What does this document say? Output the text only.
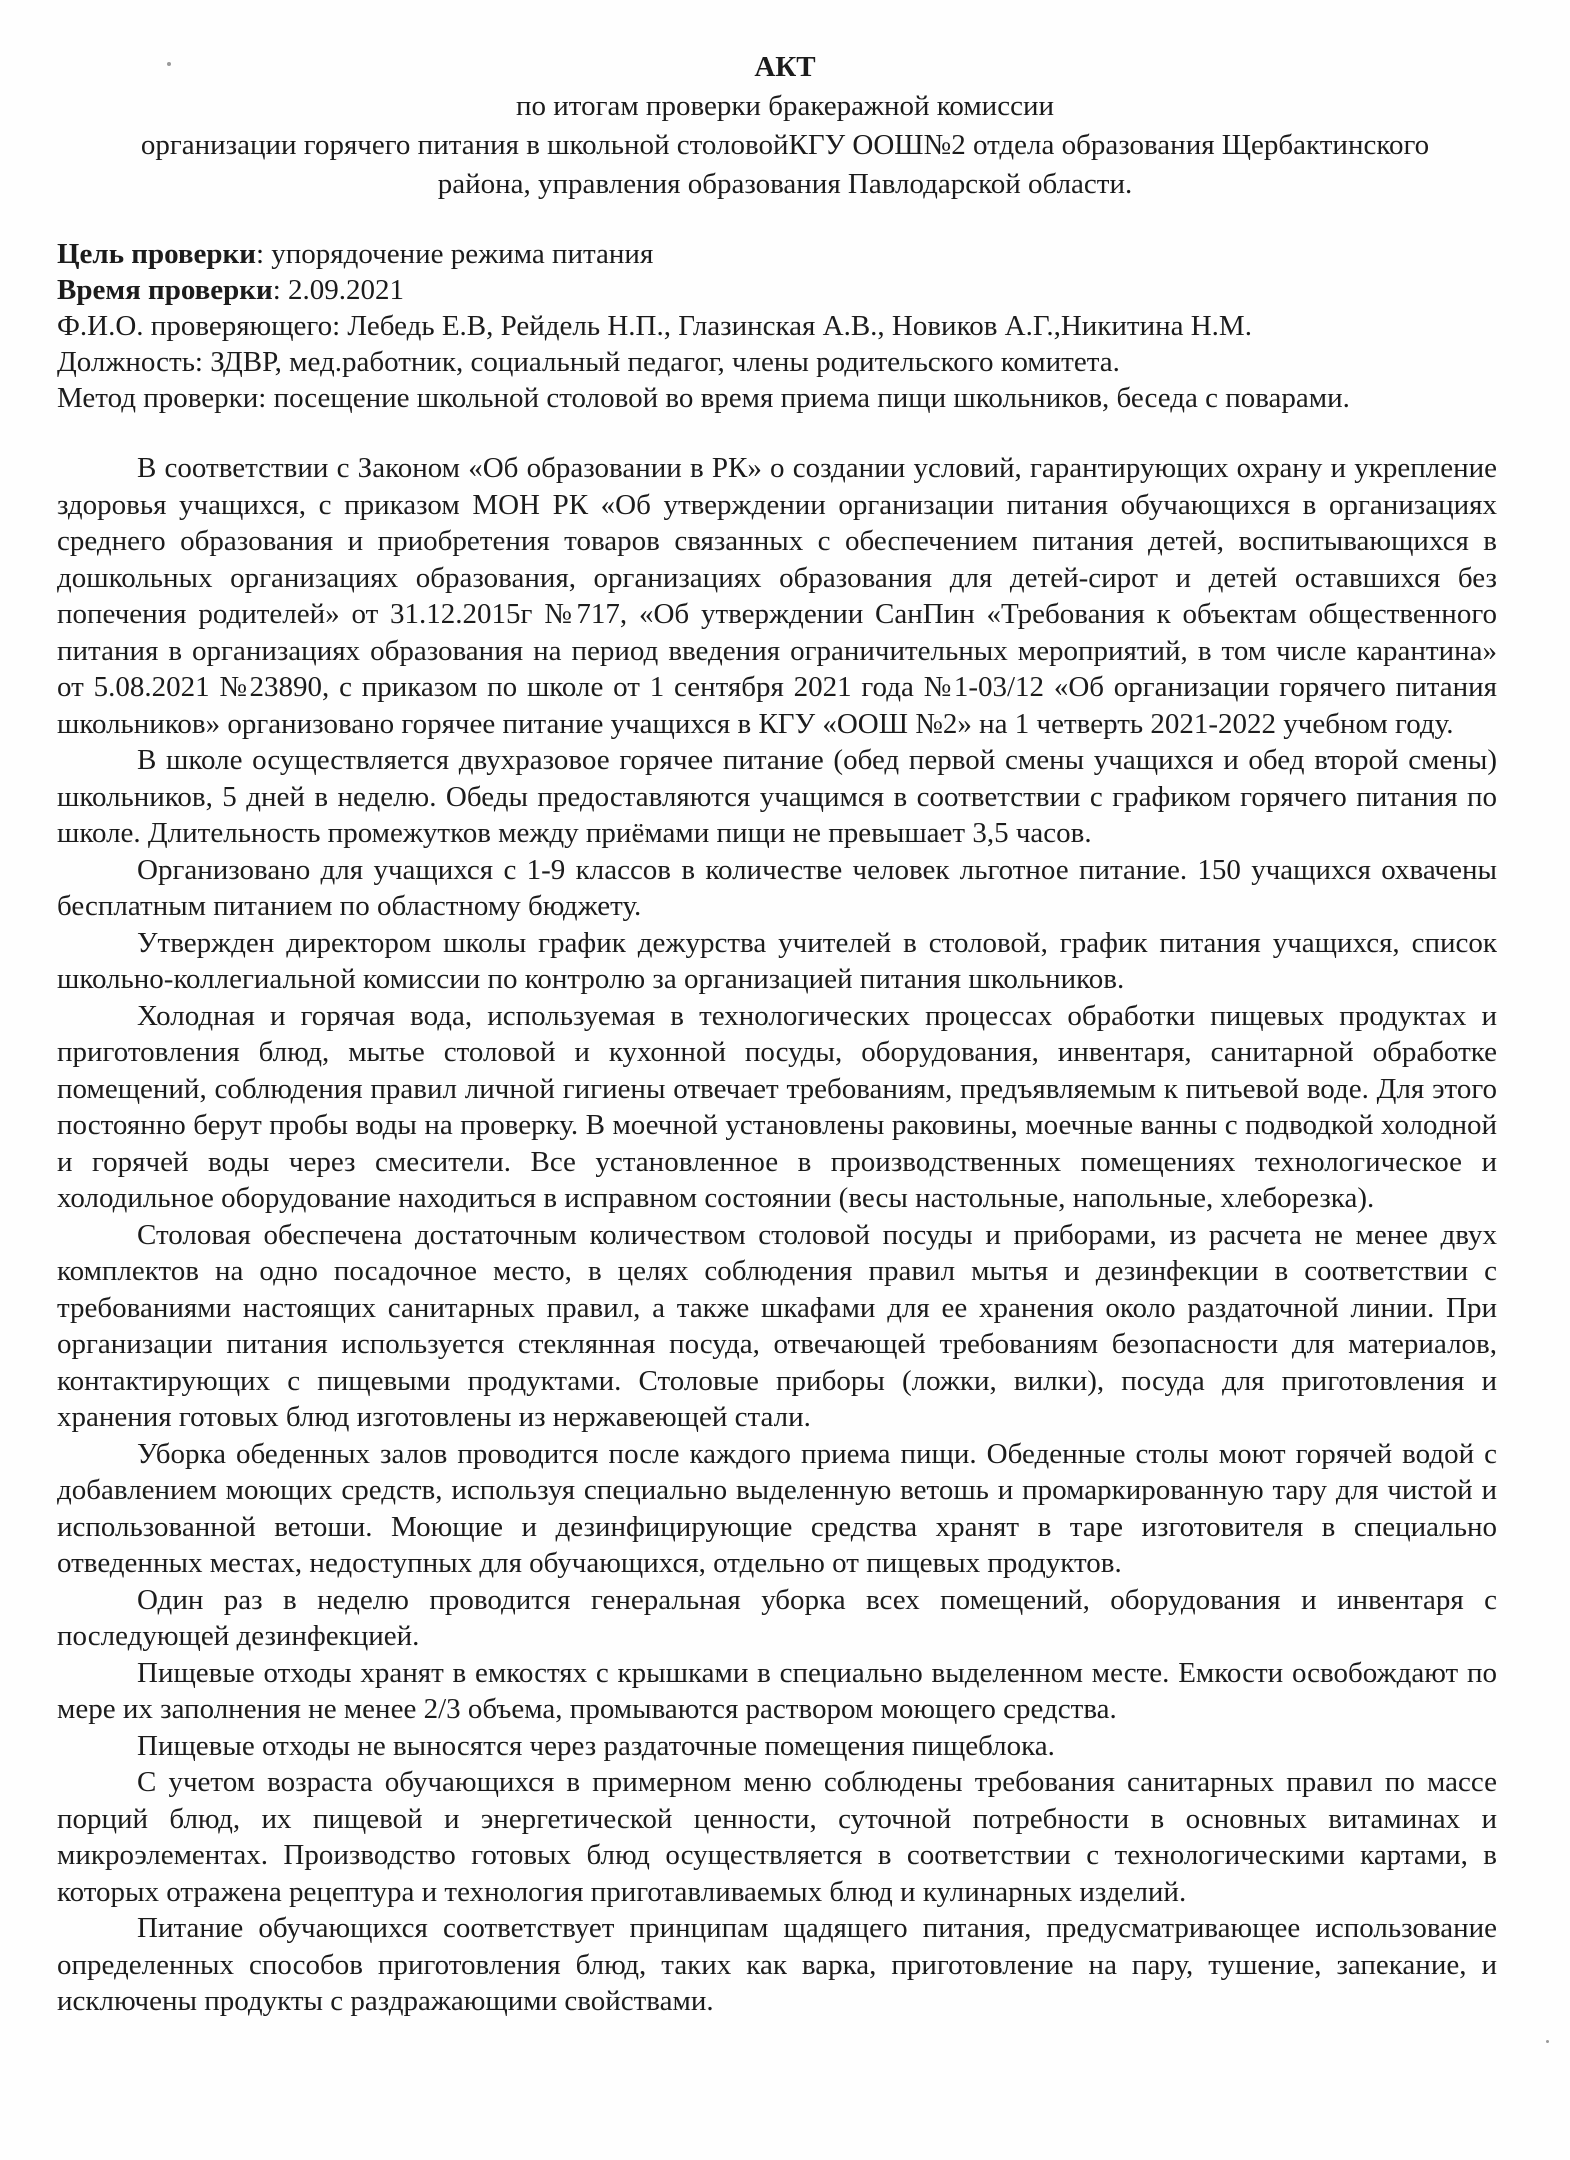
АКТ
по итогам проверки бракеражной комиссии
организации горячего питания в школьной столовойКГУ ООШ№2 отдела образования Щербактинского
района, управления образования Павлодарской области.
Цель проверки: упорядочение режима питания
Время проверки: 2.09.2021
Ф.И.О. проверяющего: Лебедь Е.В, Рейдель Н.П., Глазинская А.В., Новиков А.Г.,Никитина Н.М.
Должность: ЗДВР, мед.работник, социальный педагог, члены родительского комитета.
Метод проверки: посещение школьной столовой во время приема пищи школьников, беседа с поварами.

В соответствии с Законом «Об образовании в РК» о создании условий, гарантирующих охрану и укрепление здоровья учащихся, с приказом МОН РК «Об утверждении организации питания обучающихся в организациях среднего образования и приобретения товаров связанных с обеспечением питания детей, воспитывающихся в дошкольных организациях образования, организациях образования для детей-сирот и детей оставшихся без попечения родителей» от 31.12.2015г №717, «Об утверждении СанПин «Требования к объектам общественного питания в организациях образования на период введения ограничительных мероприятий, в том числе карантина» от 5.08.2021 №23890, с приказом по школе от 1 сентября 2021 года №1-03/12 «Об организации горячего питания школьников» организовано горячее питание учащихся в КГУ «ООШ №2» на 1 четверть 2021-2022 учебном году.

В школе осуществляется двухразовое горячее питание (обед первой смены учащихся и обед второй смены) школьников, 5 дней в неделю. Обеды предоставляются учащимся в соответствии с графиком горячего питания по школе. Длительность промежутков между приёмами пищи не превышает 3,5 часов.

Организовано для учащихся с 1-9 классов в количестве человек льготное питание. 150 учащихся охвачены бесплатным питанием по областному бюджету.

Утвержден директором школы график дежурства учителей в столовой, график питания учащихся, список школьно-коллегиальной комиссии по контролю за организацией питания школьников.

Холодная и горячая вода, используемая в технологических процессах обработки пищевых продуктах и приготовления блюд, мытье столовой и кухонной посуды, оборудования, инвентаря, санитарной обработке помещений, соблюдения правил личной гигиены отвечает требованиям, предъявляемым к питьевой воде. Для этого постоянно берут пробы воды на проверку. В моечной установлены раковины, моечные ванны с подводкой холодной и горячей воды через смесители. Все установленное в производственных помещениях технологическое и холодильное оборудование находиться в исправном состоянии (весы настольные, напольные, хлеборезка).

Столовая обеспечена достаточным количеством столовой посуды и приборами, из расчета не менее двух комплектов на одно посадочное место, в целях соблюдения правил мытья и дезинфекции в соответствии с требованиями настоящих санитарных правил, а также шкафами для ее хранения около раздаточной линии. При организации питания используется стеклянная посуда, отвечающей требованиям безопасности для материалов, контактирующих с пищевыми продуктами. Столовые приборы (ложки, вилки), посуда для приготовления и хранения готовых блюд изготовлены из нержавеющей стали.

Уборка обеденных залов проводится после каждого приема пищи. Обеденные столы моют горячей водой с добавлением моющих средств, используя специально выделенную ветошь и промаркированную тару для чистой и использованной ветоши. Моющие и дезинфицирующие средства хранят в таре изготовителя в специально отведенных местах, недоступных для обучающихся, отдельно от пищевых продуктов.

Один раз в неделю проводится генеральная уборка всех помещений, оборудования и инвентаря с последующей дезинфекцией.

Пищевые отходы хранят в емкостях с крышками в специально выделенном месте. Емкости освобождают по мере их заполнения не менее 2/3 объема, промываются раствором моющего средства.

Пищевые отходы не выносятся через раздаточные помещения пищеблока.

С учетом возраста обучающихся в примерном меню соблюдены требования санитарных правил по массе порций блюд, их пищевой и энергетической ценности, суточной потребности в основных витаминах и микроэлементах. Производство готовых блюд осуществляется в соответствии с технологическими картами, в которых отражена рецептура и технология приготавливаемых блюд и кулинарных изделий.

Питание обучающихся соответствует принципам щадящего питания, предусматривающее использование определенных способов приготовления блюд, таких как варка, приготовление на пару, тушение, запекание, и исключены продукты с раздражающими свойствами.
